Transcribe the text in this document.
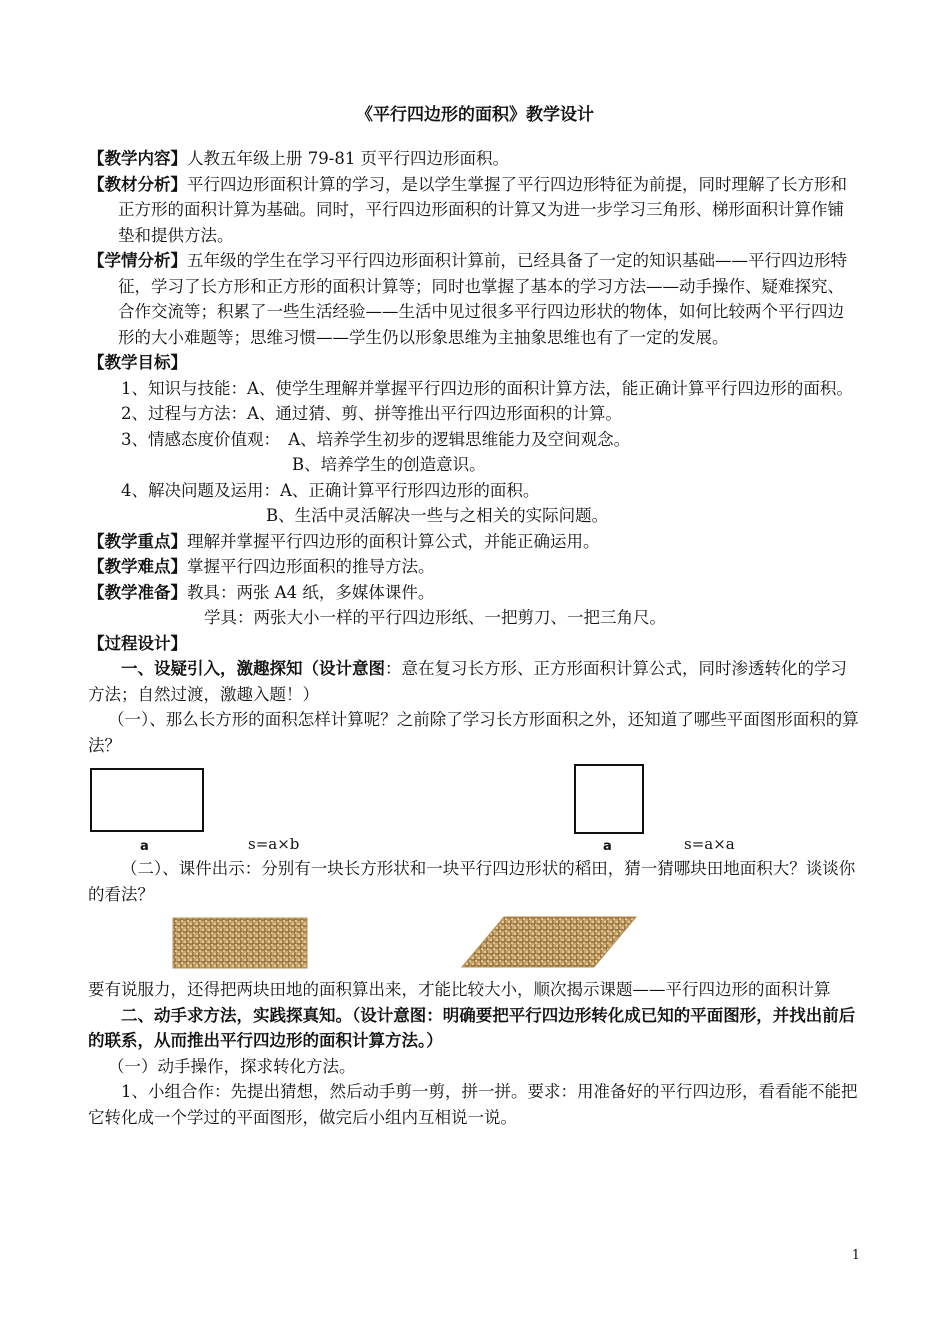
《平行四边形的面积》教学设计

【教学内容】人教五年级上册 79-81 页平行四边形面积。

【教材分析】平行四边形面积计算的学习，是以学生掌握了平行四边形特征为前提，同时理解了长方形和正方形的面积计算为基础。同时，平行四边形面积的计算又为进一步学习三角形、梯形面积计算作铺垫和提供方法。

【学情分析】五年级的学生在学习平行四边形面积计算前，已经具备了一定的知识基础——平行四边形特征，学习了长方形和正方形的面积计算等；同时也掌握了基本的学习方法——动手操作、疑难探究、合作交流等；积累了一些生活经验——生活中见过很多平行四边形状的物体，如何比较两个平行四边形的大小难题等；思维习惯——学生仍以形象思维为主抽象思维也有了一定的发展。

【教学目标】

1、知识与技能：A、使学生理解并掌握平行四边形的面积计算方法，能正确计算平行四边形的面积。

2、过程与方法：A、通过猜、剪、拼等推出平行四边形面积的计算。

3、情感态度价值观：　A、培养学生初步的逻辑思维能力及空间观念。

B、培养学生的创造意识。

4、解决问题及运用：A、正确计算平行形四边形的面积。

B、生活中灵活解决一些与之相关的实际问题。

【教学重点】理解并掌握平行四边形的面积计算公式，并能正确运用。

【教学难点】掌握平行四边形面积的推导方法。

【教学准备】教具：两张 A4 纸，多媒体课件。

学具：两张大小一样的平行四边形纸、一把剪刀、一把三角尺。

【过程设计】

一、设疑引入，激趣探知（设计意图：意在复习长方形、正方形面积计算公式，同时渗透转化的学习方法；自然过渡，激趣入题！）

（一）、那么长方形的面积怎样计算呢？之前除了学习长方形面积之外，还知道了哪些平面图形面积的算法？

a	s=a×b	a	s=a×a

（二）、课件出示：分别有一块长方形状和一块平行四边形状的稻田，猜一猜哪块田地面积大？谈谈你的看法？

要有说服力，还得把两块田地的面积算出来，才能比较大小，顺次揭示课题——平行四边形的面积计算

二、动手求方法，实践探真知。（设计意图：明确要把平行四边形转化成已知的平面图形，并找出前后的联系，从而推出平行四边形的面积计算方法。）

（一）动手操作，探求转化方法。

1、小组合作：先提出猜想，然后动手剪一剪，拼一拼。要求：用准备好的平行四边形，看看能不能把它转化成一个学过的平面图形，做完后小组内互相说一说。

1
